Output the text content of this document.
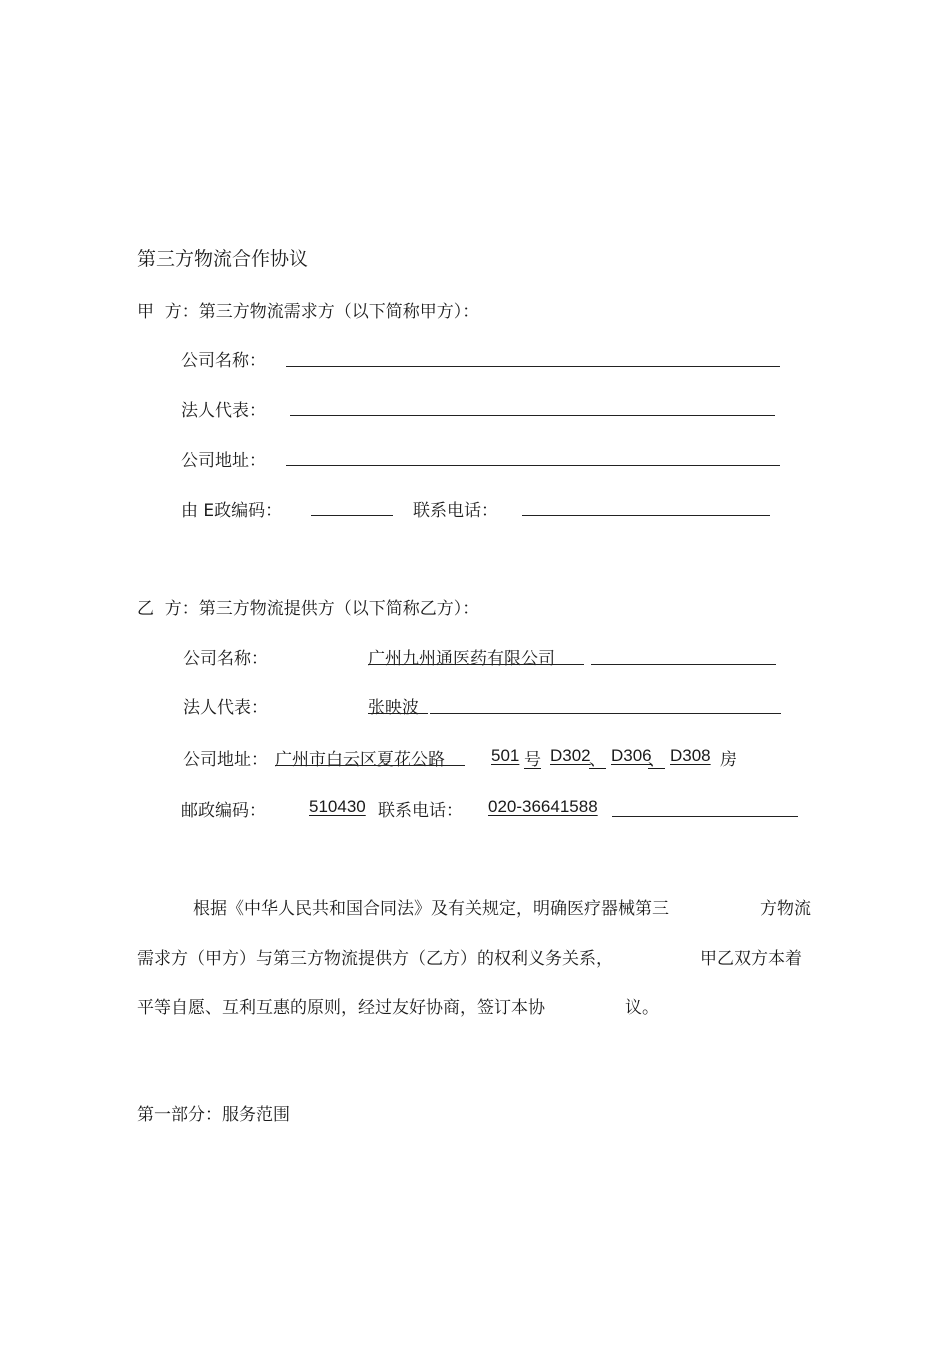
第三方物流合作协议
甲  方：第三方物流需求方（以下简称甲方）：
公司名称：
法人代表：
公司地址：
由 E政编码：	联系电话：
乙  方：第三方物流提供方（以下简称乙方）：
公司名称：	广州九州通医药有限公司
法人代表：	张映波
公司地址： 广州市白云区夏花公路	501 号 D302
、 D306
、 D308 房
邮政编码：	510430 联系电话： 020-36641588
根据《中华人民共和国合同法》及有关规定，明确医疗器械第三	方物流
需求方（甲方）与第三方物流提供方（乙方）的权利义务关系，	甲乙双方本着
平等自愿、互利互惠的原则，经过友好协商，签订本协	议。
第一部分：服务范围
